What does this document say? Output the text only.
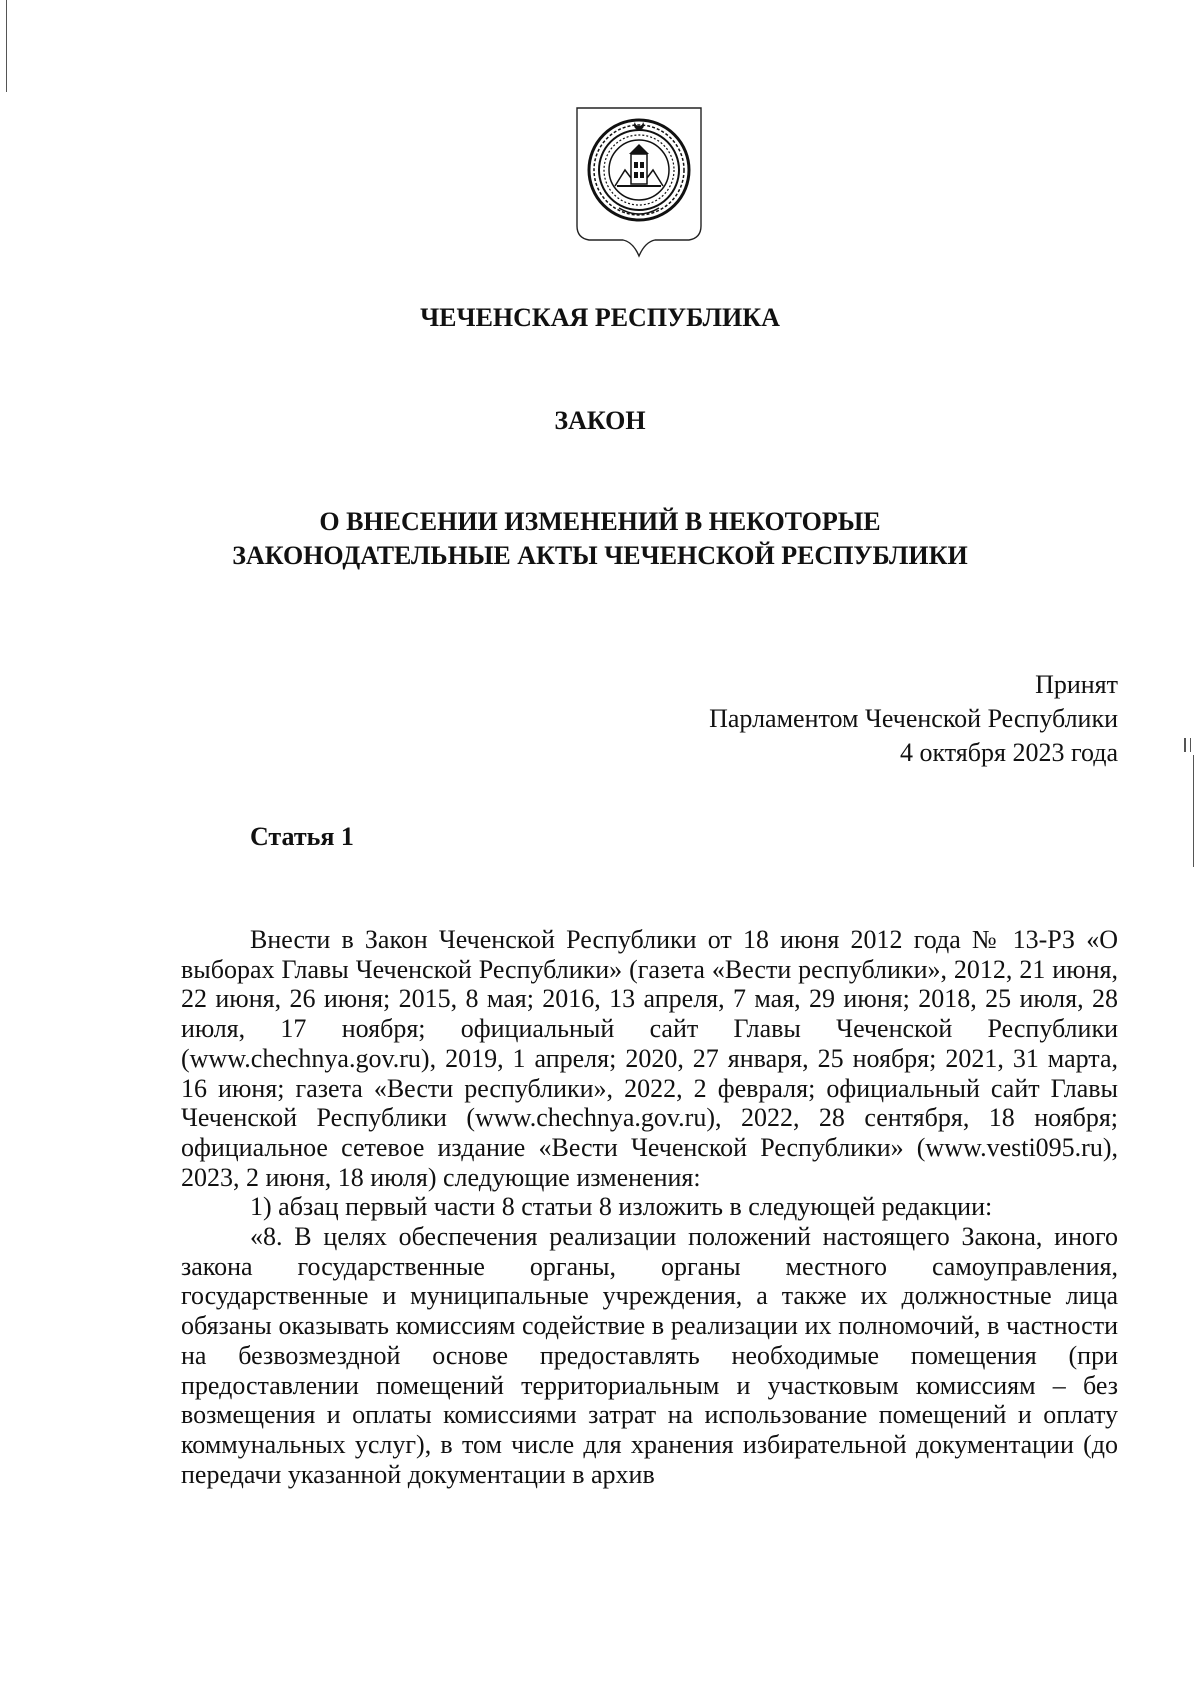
ЧЕЧЕНСКАЯ РЕСПУБЛИКА
ЗАКОН
О ВНЕСЕНИИ ИЗМЕНЕНИЙ В НЕКОТОРЫЕ
ЗАКОНОДАТЕЛЬНЫЕ АКТЫ ЧЕЧЕНСКОЙ РЕСПУБЛИКИ
Принят
Парламентом Чеченской Республики
4 октября 2023 года
Статья 1

Внести в Закон Чеченской Республики от 18 июня 2012 года № 13-РЗ «О выборах Главы Чеченской Республики» (газета «Вести республики», 2012, 21 июня, 22 июня, 26 июня; 2015, 8 мая; 2016, 13 апреля, 7 мая, 29 июня; 2018, 25 июля, 28 июля, 17 ноября; официальный сайт Главы Чеченской Республики (www.chechnya.gov.ru), 2019, 1 апреля; 2020, 27 января, 25 ноября; 2021, 31 марта, 16 июня; газета «Вести республики», 2022, 2 февраля; официальный сайт Главы Чеченской Республики (www.chechnya.gov.ru), 2022, 28 сентября, 18 ноября; официальное сетевое издание «Вести Чеченской Республики» (www.vesti095.ru), 2023, 2 июня, 18 июля) следующие изменения:

1) абзац первый части 8 статьи 8 изложить в следующей редакции:

«8. В целях обеспечения реализации положений настоящего Закона, иного закона государственные органы, органы местного самоуправления, государственные и муниципальные учреждения, а также их должностные лица обязаны оказывать комиссиям содействие в реализации их полномочий, в частности на безвозмездной основе предоставлять необходимые помещения (при предоставлении помещений территориальным и участковым комиссиям – без возмещения и оплаты комиссиями затрат на использование помещений и оплату коммунальных услуг), в том числе для хранения избирательной документации (до передачи указанной документации в архив
